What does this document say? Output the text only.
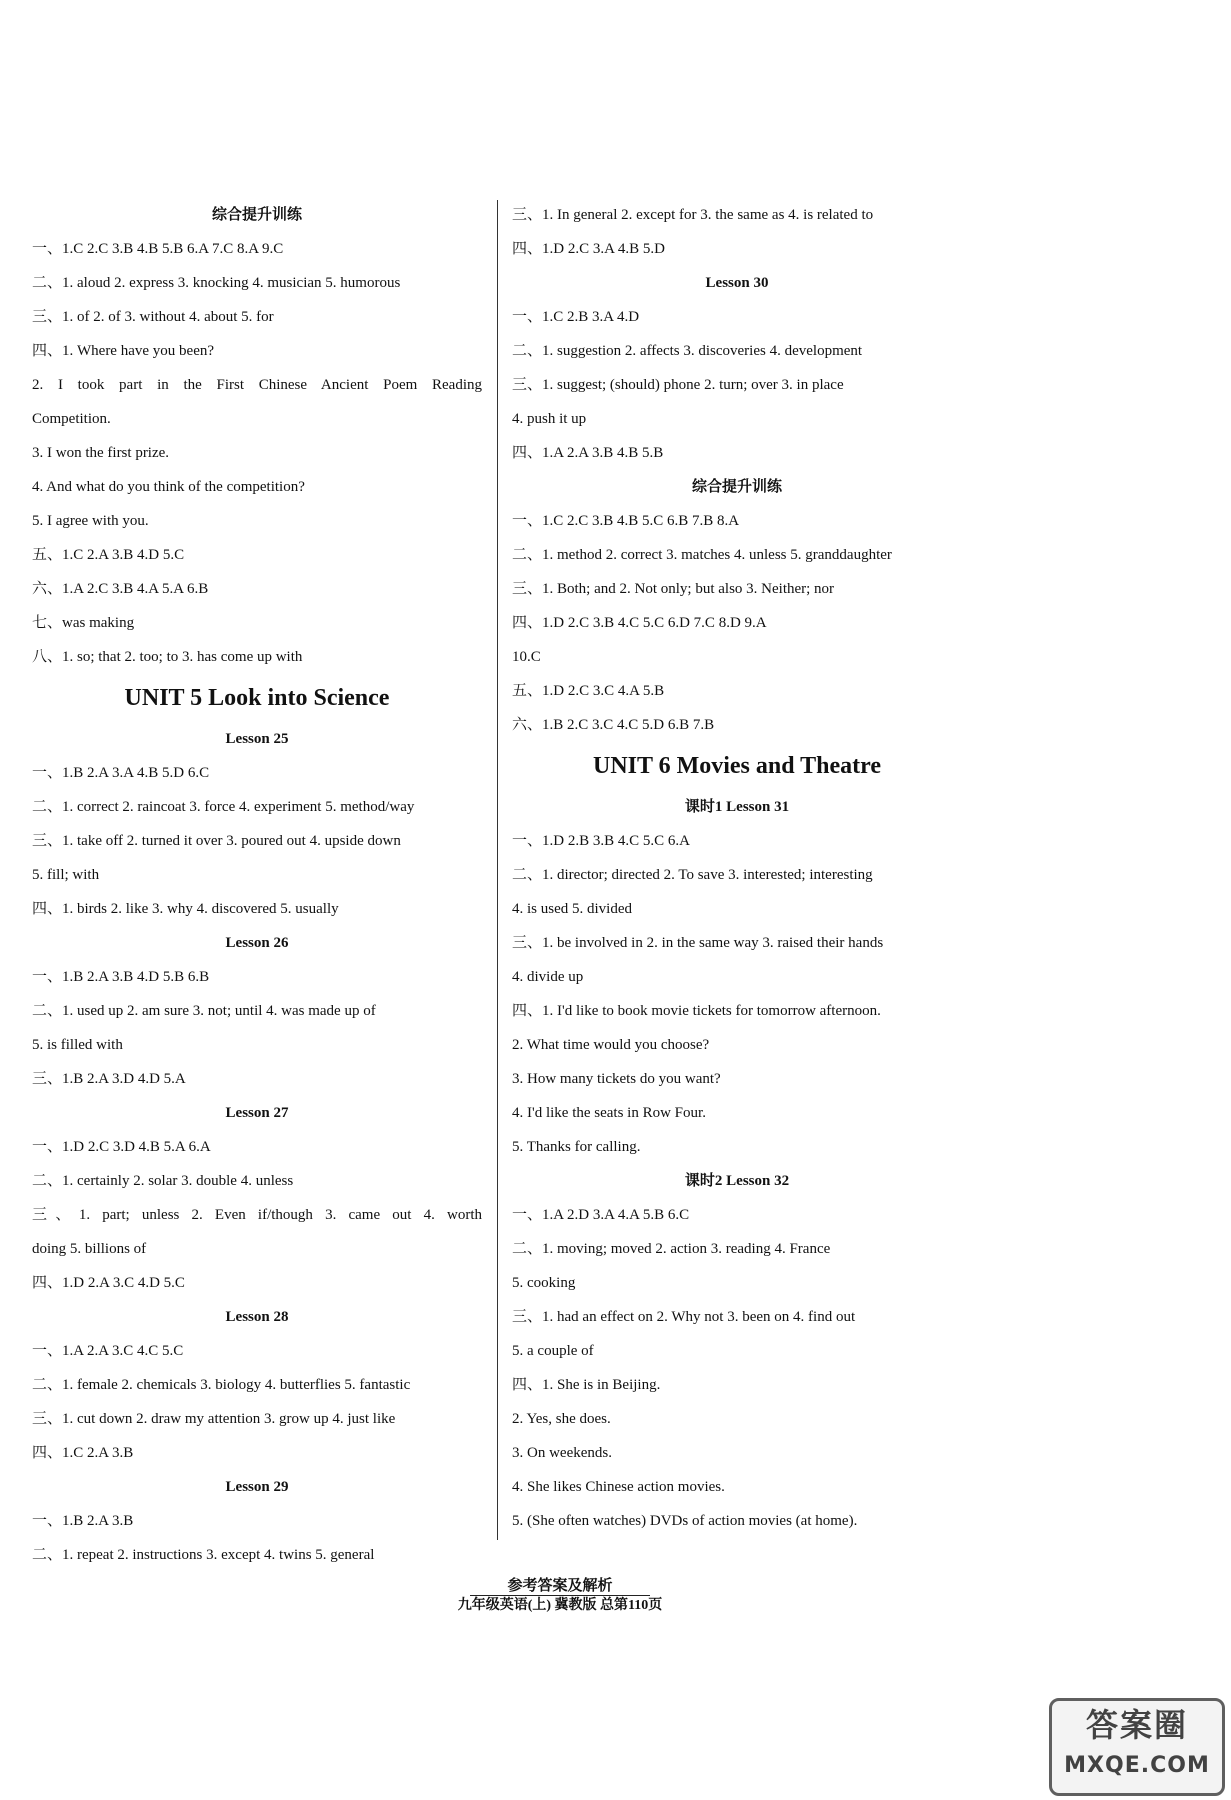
综合提升训练
一、1.C 2.C 3.B 4.B 5.B 6.A 7.C 8.A 9.C
二、1. aloud 2. express 3. knocking 4. musician 5. humorous
三、1. of 2. of 3. without 4. about 5. for
四、1. Where have you been?
2. I took part in the First Chinese Ancient Poem Reading
Competition.
3. I won the first prize.
4. And what do you think of the competition?
5. I agree with you.
五、1.C 2.A 3.B 4.D 5.C
六、1.A 2.C 3.B 4.A 5.A 6.B
七、was making
八、1. so; that 2. too; to 3. has come up with
UNIT 5 Look into Science
Lesson 25
一、1.B 2.A 3.A 4.B 5.D 6.C
二、1. correct 2. raincoat 3. force 4. experiment 5. method/way
三、1. take off 2. turned it over 3. poured out 4. upside down
5. fill; with
四、1. birds 2. like 3. why 4. discovered 5. usually
Lesson 26
一、1.B 2.A 3.B 4.D 5.B 6.B
二、1. used up 2. am sure 3. not; until 4. was made up of
5. is filled with
三、1.B 2.A 3.D 4.D 5.A
Lesson 27
一、1.D 2.C 3.D 4.B 5.A 6.A
二、1. certainly 2. solar 3. double 4. unless
三、1. part; unless 2. Even if/though 3. came out 4. worth
doing 5. billions of
四、1.D 2.A 3.C 4.D 5.C
Lesson 28
一、1.A 2.A 3.C 4.C 5.C
二、1. female 2. chemicals 3. biology 4. butterflies 5. fantastic
三、1. cut down 2. draw my attention 3. grow up 4. just like
四、1.C 2.A 3.B
Lesson 29
一、1.B 2.A 3.B
二、1. repeat 2. instructions 3. except 4. twins 5. general
三、1. In general 2. except for 3. the same as 4. is related to
四、1.D 2.C 3.A 4.B 5.D
Lesson 30
一、1.C 2.B 3.A 4.D
二、1. suggestion 2. affects 3. discoveries 4. development
三、1. suggest; (should) phone 2. turn; over 3. in place
4. push it up
四、1.A 2.A 3.B 4.B 5.B
综合提升训练
一、1.C 2.C 3.B 4.B 5.C 6.B 7.B 8.A
二、1. method 2. correct 3. matches 4. unless 5. granddaughter
三、1. Both; and 2. Not only; but also 3. Neither; nor
四、1.D 2.C 3.B 4.C 5.C 6.D 7.C 8.D 9.A
10.C
五、1.D 2.C 3.C 4.A 5.B
六、1.B 2.C 3.C 4.C 5.D 6.B 7.B
UNIT 6 Movies and Theatre
课时1 Lesson 31
一、1.D 2.B 3.B 4.C 5.C 6.A
二、1. director; directed 2. To save 3. interested; interesting
4. is used 5. divided
三、1. be involved in 2. in the same way 3. raised their hands
4. divide up
四、1. I'd like to book movie tickets for tomorrow afternoon.
2. What time would you choose?
3. How many tickets do you want?
4. I'd like the seats in Row Four.
5. Thanks for calling.
课时2 Lesson 32
一、1.A 2.D 3.A 4.A 5.B 6.C
二、1. moving; moved 2. action 3. reading 4. France
5. cooking
三、1. had an effect on 2. Why not 3. been on 4. find out
5. a couple of
四、1. She is in Beijing.
2. Yes, she does.
3. On weekends.
4. She likes Chinese action movies.
5. (She often watches) DVDs of action movies (at home).
参考答案及解析
九年级英语(上) 冀教版 总第110页
答案圈
MXQE.COM
